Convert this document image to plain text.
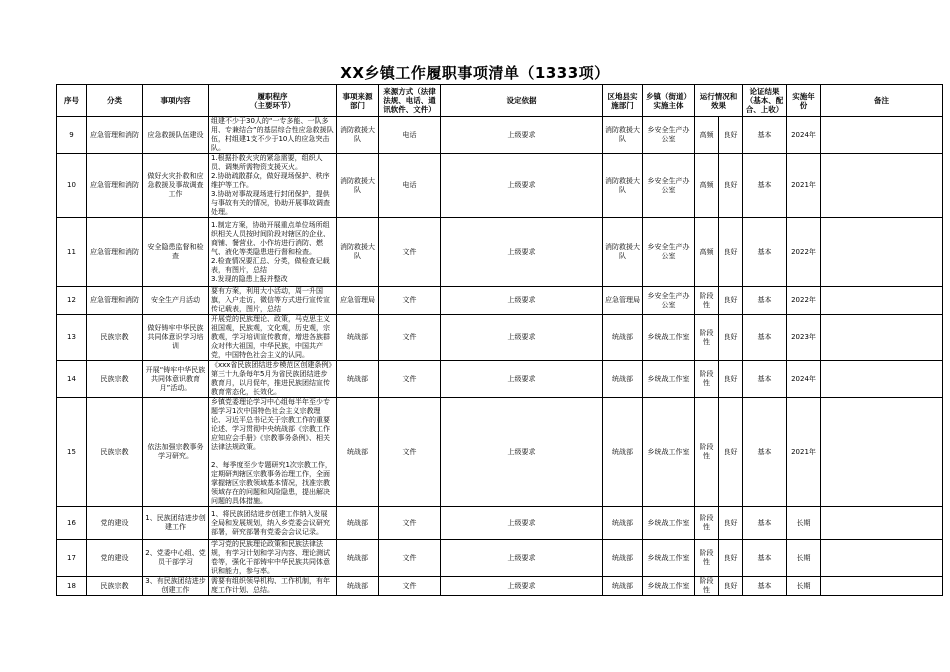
XX乡镇工作履职事项清单（1333项）
序号	分类	事项内容	履职程序
（主要环节）	事项来源部门	来源方式（法律法规、电话、通讯软件、文件）	设定依据	区地县实施部门	乡镇（街道）实施主体	运行情况和效果		论证结果（基本、配合、上收）	实施年份	备注
9	应急管理和消防	应急救援队伍建设	组建不少于30人的“一专多能、一队多用、专兼结合”的基层综合性应急救援队伍，村组建1支不少于10人的应急突击队。	消防救援大队	电话	上级要求	消防救援大队	乡安全生产办公室	高频	良好	基本	2024年	
10	应急管理和消防	做好火灾扑救和应急救援及事故调查工作	1.根据扑救火灾的紧急需要，组织人员、调集所需物资支援灭火。
2.协助疏散群众，做好现场保护、秩序维护等工作。
3.协助对事故现场进行封闭保护，提供与事故有关的情况，协助开展事故调查处理。	消防救援大队	电话	上级要求	消防救援大队	乡安全生产办公室	高频	良好	基本	2021年	
11	应急管理和消防	安全隐患监督和检查	1.制定方案，协助开展重点单位场所组织相关人员按时间阶段对辖区的企业、商铺、餐营业、小作坊进行消防、燃气、液化等类隐患进行督和检查。
2.检查情况要汇总、分类，做检查记载表，有图片，总结
3.发现的隐患上报并整改	消防救援大队	文件	上级要求	消防救援大队	乡安全生产办公室	高频	良好	基本	2022年	
12	应急管理和消防	安全生产月活动	要有方案，利用大小活动，周一升国旗，入户走访，微信等方式进行宣传宣传记载表，图片，总结	应急管理局	文件	上级要求	应急管理局	乡安全生产办公室	阶段性	良好	基本	2022年	
13	民族宗教	做好铸牢中华民族共同体意识学习培训	开展党的民族理论、政策，马克思主义祖国观，民族观，文化观，历史观，宗教观，学习培训宣传教育，增进各族群众对伟大祖国，中华民族，中国共产党，中国特色社会主义的认同。	统战部	文件	上级要求	统战部	乡统战工作室	阶段性	良好	基本	2023年	
14	民族宗教	开展“铸牢中华民族共同体意识教育月”活动。	《xxx省民族团结进步模范区创建条例》第三十九条每年5月为省民族团结进步教育月，以月促年，推进民族团结宣传教育常态化，长效化。	统战部	文件	上级要求	统战部	乡统战工作室	阶段性	良好	基本	2024年	
15	民族宗教	依法加强宗教事务学习研究。	乡镇党委理论学习中心组每半年至少专题学习1次中国特色社会主义宗教理论、习近平总书记关于宗教工作的重要论述、学习贯彻中央统战部《宗教工作应知应会手册》《宗教事务条例》、相关法律法规政策。

2、每季度至少专题研究1次宗教工作，定期研判辖区宗教事务治理工作，全面掌握辖区宗教领域基本情况，找准宗教领域存在的问题和风险隐患，提出解决问题的具体措施。	统战部	文件	上级要求	统战部	乡统战工作室	阶段性	良好	基本	2021年	
16	党的建设	1、民族团结进步创建工作	1、将民族团结进步创建工作纳入发展全局和发展规划，纳入乡党委会议研究部署，研究部署有党委会会议记录。	统战部	文件	上级要求	统战部	乡统战工作室	阶段性	良好	基本	长期	
17	党的建设	2、党委中心组、党员干部学习	学习党的民族理论政策和民族法律法规，有学习计划和学习内容、理论测试卷等，强化干部铸牢中华民族共同体意识和能力，参与率。	统战部	文件	上级要求	统战部	乡统战工作室	阶段性	良好	基本	长期	
18	民族宗教	3、有民族团结进步创建工作	需要有组织领导机构、工作机制，有年度工作计划、总结。	统战部	文件	上级要求	统战部	乡统战工作室	阶段性	良好	基本	长期	
